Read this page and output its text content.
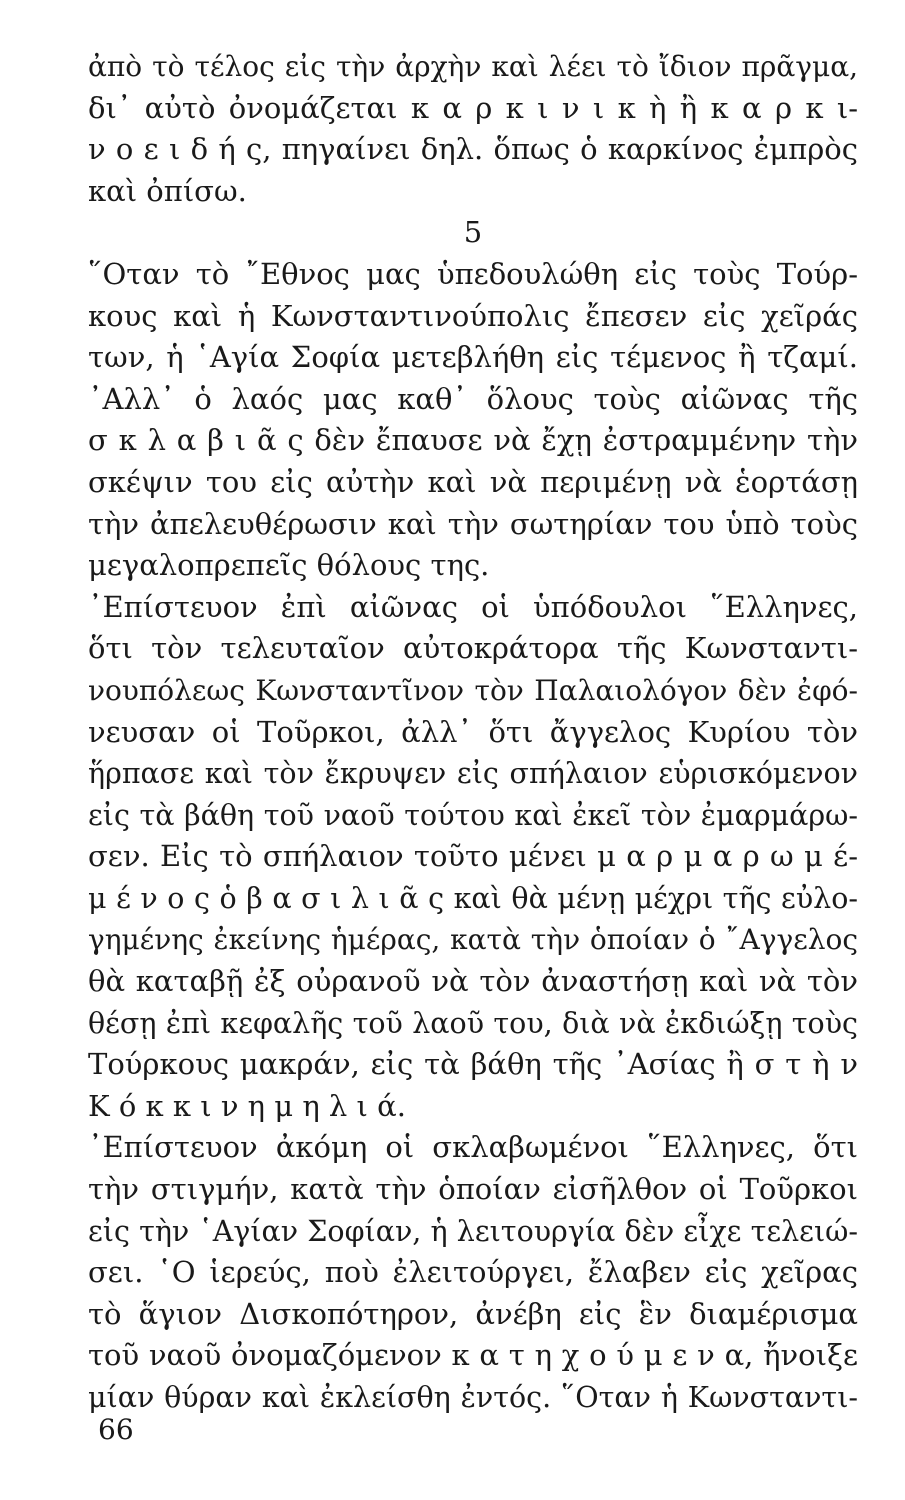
ἀπὸ τὸ τέλος εἰς τὴν ἀρχὴν καὶ λέει τὸ ἴδιον πρᾶγμα,
δι᾽ αὐτὸ ὀνομάζεται κ α ρ κ ι ν ι κ ὴ ἢ κ α ρ κ ι-
ν ο ε ι δ ή ς, πηγαίνει δηλ. ὅπως ὁ καρκίνος ἐμπρὸς
καὶ ὀπίσω.
5
῞Οταν τὸ ῎Εθνος μας ὑπεδουλώθη εἰς τοὺς Τούρ-
κους καὶ ἡ Κωνσταντινούπολις ἔπεσεν εἰς χεῖράς
των, ἡ ῾Αγία Σοφία μετεβλήθη εἰς τέμενος ἢ τζαμί.
᾽Αλλ᾽ ὁ λαός μας καθ᾽ ὅλους τοὺς αἰῶνας τῆς
σ κ λ α β ι ᾶ ς δὲν ἔπαυσε νὰ ἔχῃ ἐστραμμένην τὴν
σκέψιν του εἰς αὐτὴν καὶ νὰ περιμένῃ νὰ ἑορτάσῃ
τὴν ἀπελευθέρωσιν καὶ τὴν σωτηρίαν του ὑπὸ τοὺς
μεγαλοπρεπεῖς θόλους της.
᾽Επίστευον ἐπὶ αἰῶνας οἱ ὑπόδουλοι ῞Ελληνες,
ὅτι τὸν τελευταῖον αὐτοκράτορα τῆς Κωνσταντι-
νουπόλεως Κωνσταντῖνον τὸν Παλαιολόγον δὲν ἐφό-
νευσαν οἱ Τοῦρκοι, ἀλλ᾽ ὅτι ἄγγελος Κυρίου τὸν
ἥρπασε καὶ τὸν ἔκρυψεν εἰς σπήλαιον εὑρισκόμενον
εἰς τὰ βάθη τοῦ ναοῦ τούτου καὶ ἐκεῖ τὸν ἐμαρμάρω-
σεν. Εἰς τὸ σπήλαιον τοῦτο μένει μ α ρ μ α ρ ω μ έ-
μ έ ν ο ς ὁ β α σ ι λ ι ᾶ ς καὶ θὰ μένῃ μέχρι τῆς εὐλο-
γημένης ἐκείνης ἡμέρας, κατὰ τὴν ὁποίαν ὁ ῎Αγγελος
θὰ καταβῇ ἐξ οὐρανοῦ νὰ τὸν ἀναστήσῃ καὶ νὰ τὸν
θέσῃ ἐπὶ κεφαλῆς τοῦ λαοῦ του, διὰ νὰ ἐκδιώξῃ τοὺς
Τούρκους μακράν, εἰς τὰ βάθη τῆς ᾽Ασίας ἢ σ τ ὴ ν
Κ ό κ κ ι ν η μ η λ ι ά.
᾽Επίστευον ἀκόμη οἱ σκλαβωμένοι ῞Ελληνες, ὅτι
τὴν στιγμήν, κατὰ τὴν ὁποίαν εἰσῆλθον οἱ Τοῦρκοι
εἰς τὴν ῾Αγίαν Σοφίαν, ἡ λειτουργία δὲν εἶχε τελειώ-
σει. ῾Ο ἱερεύς, ποὺ ἐλειτούργει, ἔλαβεν εἰς χεῖρας
τὸ ἅγιον Δισκοπότηρον, ἀνέβη εἰς ἓν διαμέρισμα
τοῦ ναοῦ ὀνομαζόμενον κ α τ η χ ο ύ μ ε ν α, ἤνοιξε
μίαν θύραν καὶ ἐκλείσθη ἐντός. ῞Οταν ἡ Κωνσταντι-
66
